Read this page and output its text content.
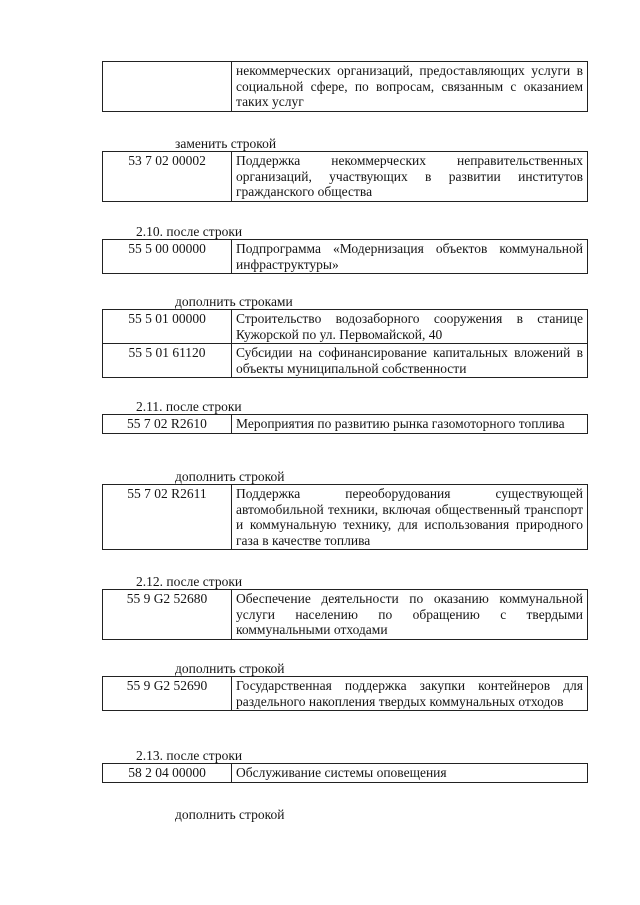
	некоммерческих организаций, предоставляющих услуги в социальной сфере, по вопросам, связанным с оказанием таких услуг
заменить строкой
53 7 02 00002	Поддержка некоммерческих неправительственных организаций, участвующих в развитии институтов гражданского общества
2.10. после строки
55 5 00 00000	Подпрограмма «Модернизация объектов коммунальной инфраструктуры»
дополнить строками
55 5 01 00000	Строительство водозаборного сооружения в станице Кужорской по ул. Первомайской, 40
55 5 01 61120	Субсидии на софинансирование капитальных вложений в объекты муниципальной собственности
2.11. после строки
55 7 02 R2610	Мероприятия по развитию рынка газомоторного топлива
дополнить строкой
55 7 02 R2611	Поддержка переоборудования существующей автомобильной техники, включая общественный транспорт и коммунальную технику, для использования природного газа в качестве топлива
2.12. после строки
55 9 G2 52680	Обеспечение деятельности по оказанию коммунальной услуги населению по обращению с твердыми коммунальными отходами
дополнить строкой
55 9 G2 52690	Государственная поддержка закупки контейнеров для раздельного накопления твердых коммунальных отходов
2.13. после строки
58 2 04 00000	Обслуживание системы оповещения
дополнить строкой
